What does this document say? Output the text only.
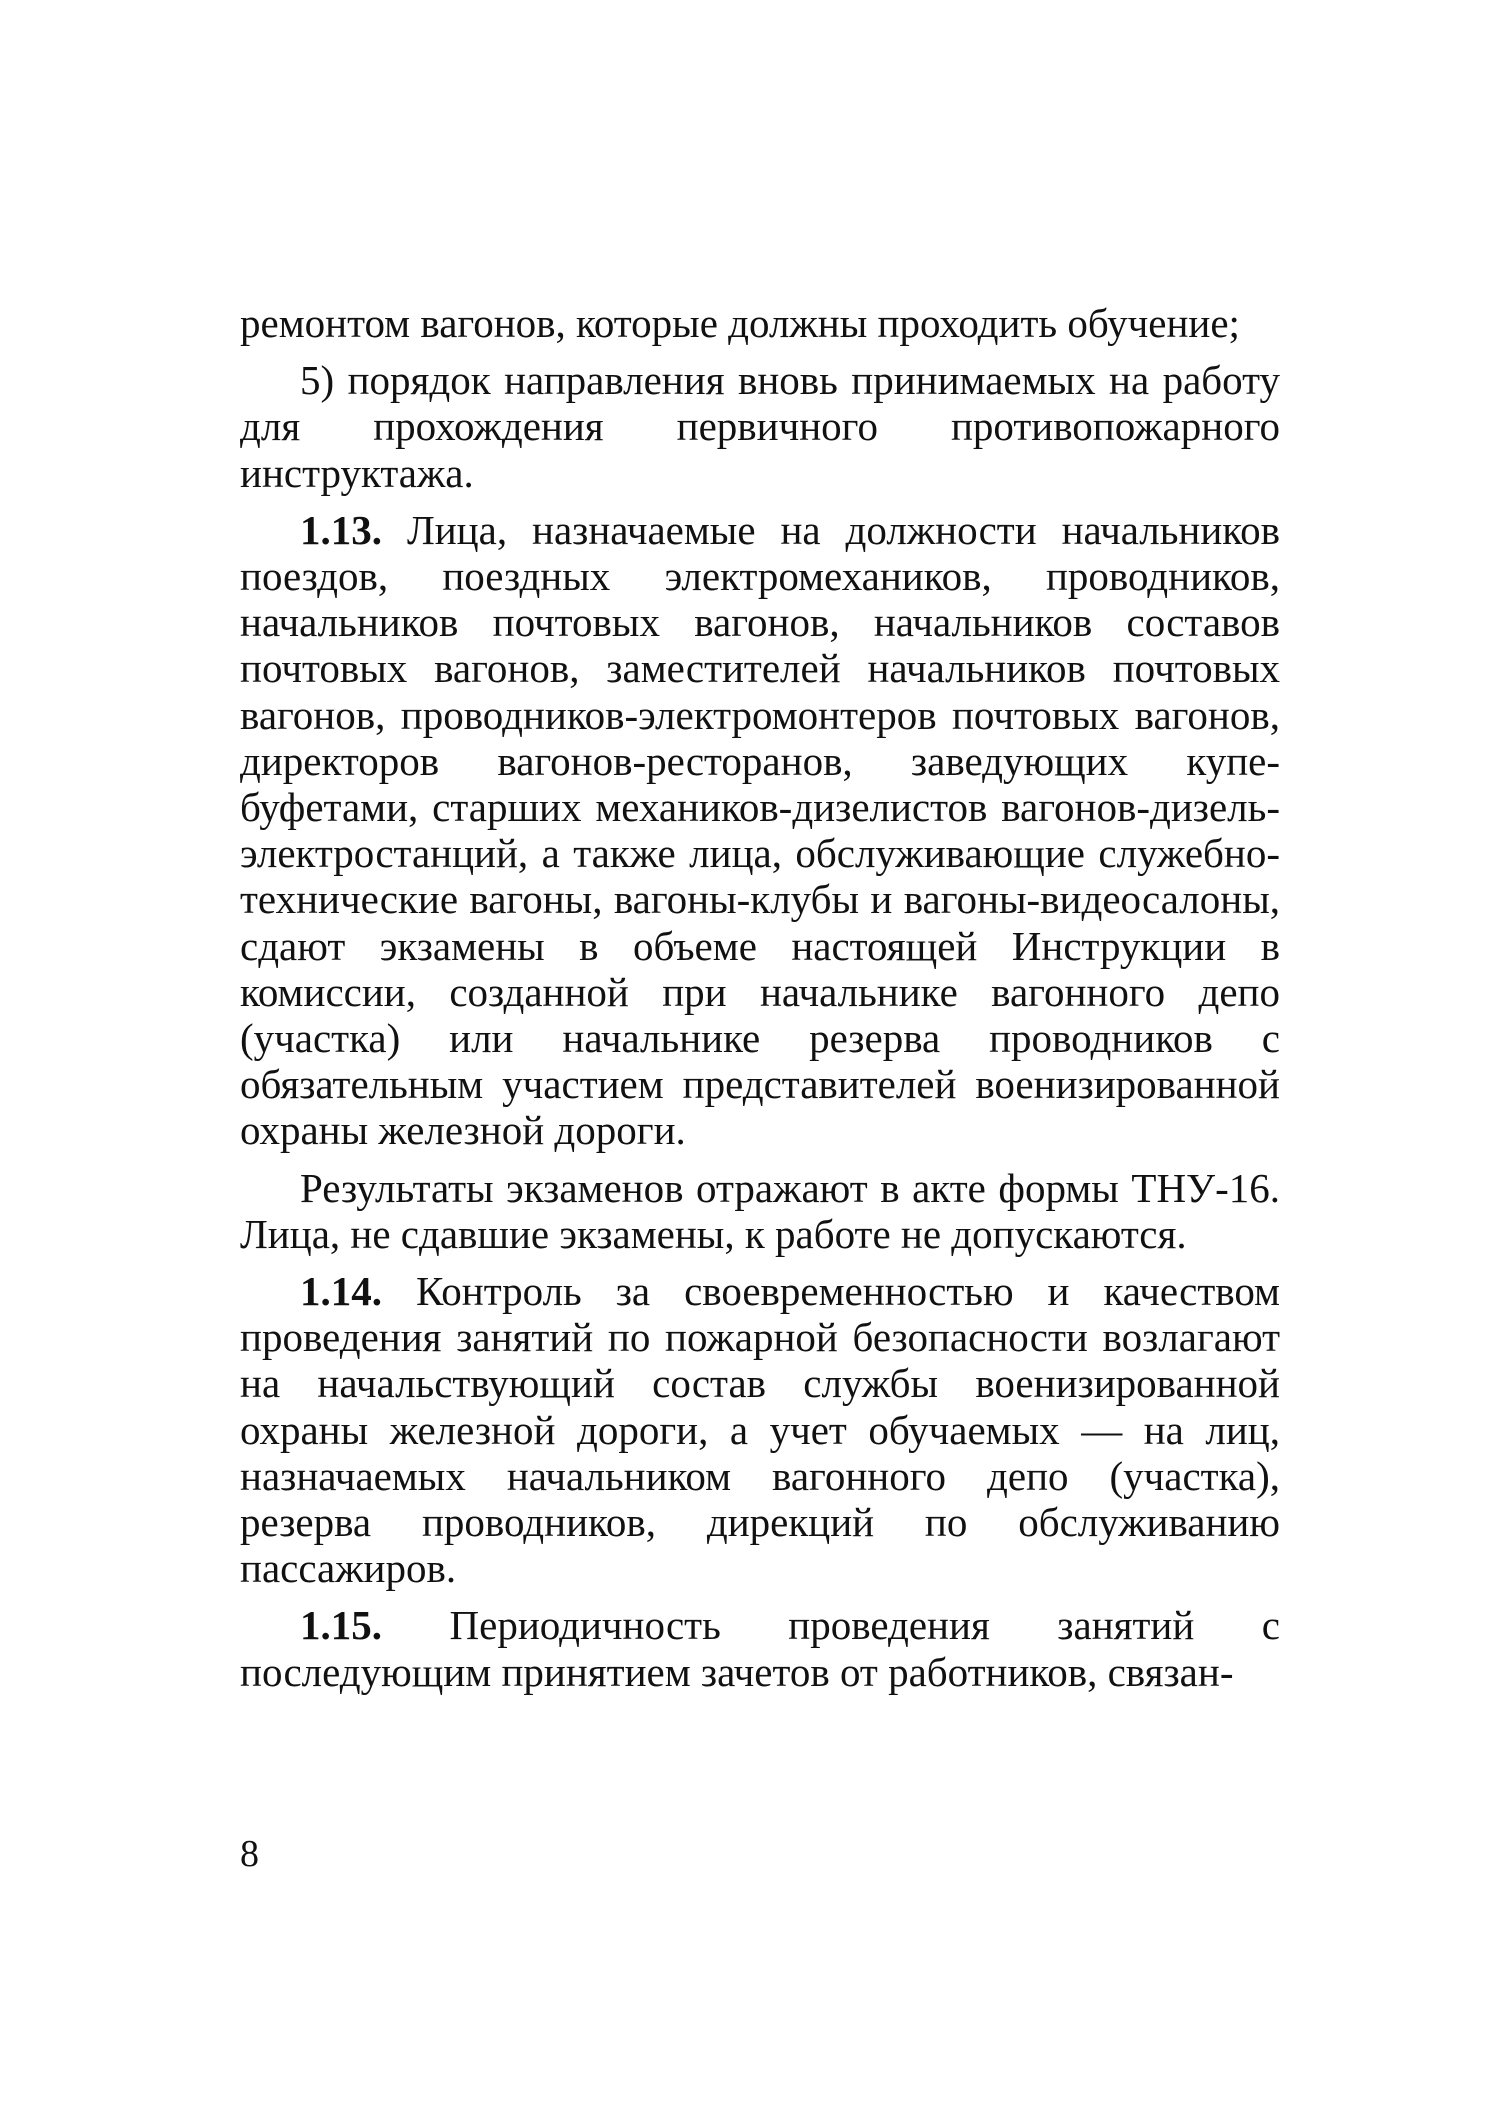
ремонтом вагонов, которые должны проходить обучение;

5) порядок направления вновь принимаемых на работу для прохождения первичного противопожарного инструктажа.

1.13. Лица, назначаемые на должности начальников поездов, поездных электромехаников, проводников, начальников почтовых вагонов, начальников составов почтовых вагонов, заместителей начальников почтовых вагонов, проводников-электромонтеров почтовых вагонов, директоров вагонов-ресторанов, заведующих купе-буфетами, старших механиков-дизелистов вагонов-дизель-электростанций, а также лица, обслуживающие служебно-технические вагоны, вагоны-клубы и вагоны-видеосалоны, сдают экзамены в объеме настоящей Инструкции в комиссии, созданной при начальнике вагонного депо (участка) или начальнике резерва проводников с обязательным участием представителей военизированной охраны железной дороги.

Результаты экзаменов отражают в акте формы ТНУ-16. Лица, не сдавшие экзамены, к работе не допускаются.

1.14. Контроль за своевременностью и качеством проведения занятий по пожарной безопасности возлагают на начальствующий состав службы военизированной охраны железной дороги, а учет обучаемых — на лиц, назначаемых начальником вагонного депо (участка), резерва проводников, дирекций по обслуживанию пассажиров.

1.15. Периодичность проведения занятий с последующим принятием зачетов от работников, связан-

8
